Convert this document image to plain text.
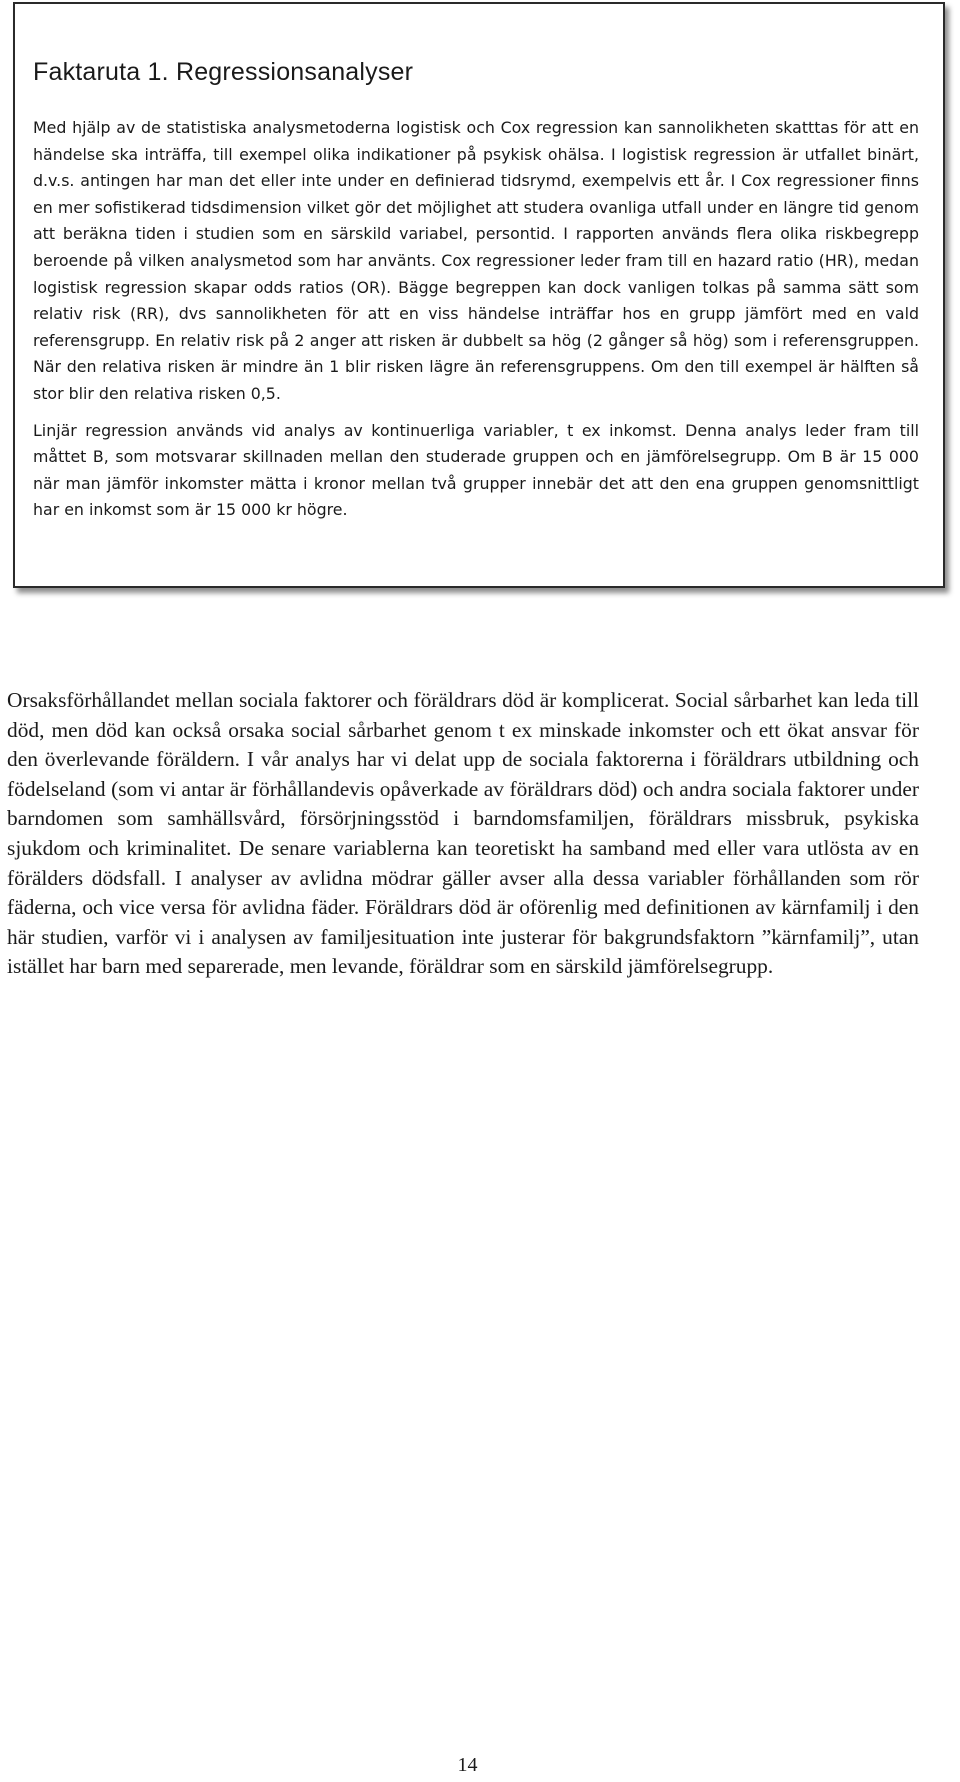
Faktaruta 1. Regressionsanalyser

Med hjälp av de statistiska analysmetoderna logistisk och Cox regression kan sannolikheten skatttas för att en händelse ska inträffa, till exempel olika indikationer på psykisk ohälsa. I logistisk regression är utfallet binärt, d.v.s. antingen har man det eller inte under en definierad tidsrymd, exempelvis ett år. I Cox regressioner finns en mer sofistikerad tidsdimension vilket gör det möjlighet att studera ovanliga utfall under en längre tid genom att beräkna tiden i studien som en särskild variabel, persontid. I rapporten används flera olika riskbegrepp beroende på vilken analysmetod som har använts. Cox regressioner leder fram till en hazard ratio (HR), medan logistisk regression skapar odds ratios (OR). Bägge begreppen kan dock vanligen tolkas på samma sätt som relativ risk (RR), dvs sannolikheten för att en viss händelse inträffar hos en grupp jämfört med en vald referensgrupp. En relativ risk på 2 anger att risken är dubbelt sa hög (2 gånger så hög) som i referensgruppen. När den relativa risken är mindre än 1 blir risken lägre än referensgruppens. Om den till exempel är hälften så stor blir den relativa risken 0,5.

Linjär regression används vid analys av kontinuerliga variabler, t ex inkomst. Denna analys leder fram till måttet B, som motsvarar skillnaden mellan den studerade gruppen och en jämförelsegrupp. Om B är 15 000 när man jämför inkomster mätta i kronor mellan två grupper innebär det att den ena gruppen genomsnittligt har en inkomst som är 15 000 kr högre.

Orsaksförhållandet mellan sociala faktorer och föräldrars död är komplicerat. Social sårbarhet kan leda till död, men död kan också orsaka social sårbarhet genom t ex minskade inkomster och ett ökat ansvar för den överlevande föräldern. I vår analys har vi delat upp de sociala faktorerna i föräldrars utbildning och födelseland (som vi antar är förhållandevis opåverkade av föräldrars död) och andra sociala faktorer under barndomen som samhällsvård, försörjningsstöd i barndomsfamiljen, föräldrars missbruk, psykiska sjukdom och kriminalitet. De senare variablerna kan teoretiskt ha samband med eller vara utlösta av en förälders dödsfall. I analyser av avlidna mödrar gäller avser alla dessa variabler förhållanden som rör fäderna, och vice versa för avlidna fäder. Föräldrars död är oförenlig med definitionen av kärnfamilj i den här studien, varför vi i analysen av familjesituation inte justerar för bakgrundsfaktorn ”kärnfamilj”, utan istället har barn med separerade, men levande, föräldrar som en särskild jämförelsegrupp.

14
